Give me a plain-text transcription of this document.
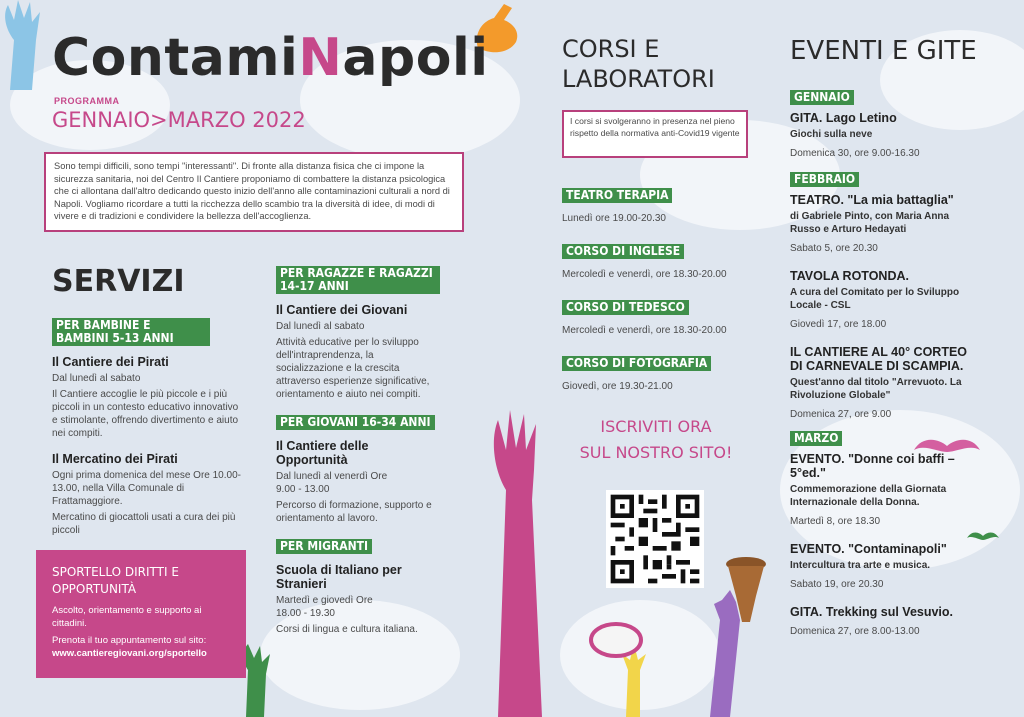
ContamiNapoli
PROGRAMMA
GENNAIO>MARZO 2022
Sono tempi difficili, sono tempi "interessanti". Di fronte alla distanza fisica che ci impone la sicurezza sanitaria, noi del Centro Il Cantiere proponiamo di combattere la distanza psicologica che ci allontana dall'altro dedicando questo inizio dell'anno alle contaminazioni culturali a nord di Napoli. Vogliamo ricordare a tutti la ricchezza dello scambio tra la diversità di idee, di modi di vivere e di tradizioni e condividere la bellezza dell'accoglienza.
SERVIZI
PER BAMBINE E BAMBINI 5-13 ANNI
Il Cantiere dei Pirati
Dal lunedì al sabato
Il Cantiere accoglie le più piccole e i più piccoli in un contesto educativo innovativo e stimolante, offrendo divertimento e aiuto nei compiti.
Il Mercatino dei Pirati
Ogni prima domenica del mese Ore 10.00-13.00, nella Villa Comunale di Frattamaggiore.
Mercatino di giocattoli usati a cura dei più piccoli
PER RAGAZZE E RAGAZZI 14-17 ANNI
Il Cantiere dei Giovani
Dal lunedì al sabato
Attività educative per lo sviluppo dell'intraprendenza, la socializzazione e la crescita attraverso esperienze significative, orientamento e aiuto nei compiti.
PER GIOVANI 16-34 ANNI
Il Cantiere delle Opportunità
Dal lunedì al venerdì Ore 9.00 - 13.00
Percorso di formazione, supporto e orientamento al lavoro.
PER MIGRANTI
Scuola di Italiano per Stranieri
Martedì e giovedì Ore 18.00 - 19.30
Corsi di lingua e cultura italiana.
SPORTELLO DIRITTI E OPPORTUNITÀ
Ascolto, orientamento e supporto ai cittadini.
Prenota il tuo appuntamento sul sito:
www.cantieregiovani.org/sportello
CORSI E
LABORATORI
I corsi si svolgeranno in presenza nel pieno rispetto della normativa anti-Covid19 vigente
TEATRO TERAPIA
Lunedì ore 19.00-20.30
CORSO DI INGLESE
Mercoledì e venerdì, ore 18.30-20.00
CORSO DI TEDESCO
Mercoledì e venerdì, ore 18.30-20.00
CORSO DI FOTOGRAFIA
Giovedì, ore 19.30-21.00
ISCRIVITI ORA
SUL NOSTRO SITO!
EVENTI E GITE
GENNAIO
GITA. Lago Letino
Giochi sulla neve
Domenica 30, ore 9.00-16.30
FEBBRAIO
TEATRO. "La mia battaglia"
di Gabriele Pinto, con Maria Anna Russo e Arturo Hedayati
Sabato 5, ore 20.30
TAVOLA ROTONDA.
A cura del Comitato per lo Sviluppo Locale - CSL
Giovedì 17, ore 18.00
IL CANTIERE AL 40° CORTEO DI CARNEVALE DI SCAMPIA.
Quest'anno dal titolo "Arrevuoto. La Rivoluzione Globale"
Domenica 27, ore 9.00
MARZO
EVENTO. "Donne coi baffi – 5°ed."
Commemorazione della Giornata Internazionale della Donna.
Martedì 8, ore 18.30
EVENTO. "Contaminapoli"
Intercultura tra arte e musica.
Sabato 19, ore 20.30
GITA. Trekking sul Vesuvio.
Domenica 27, ore 8.00-13.00
